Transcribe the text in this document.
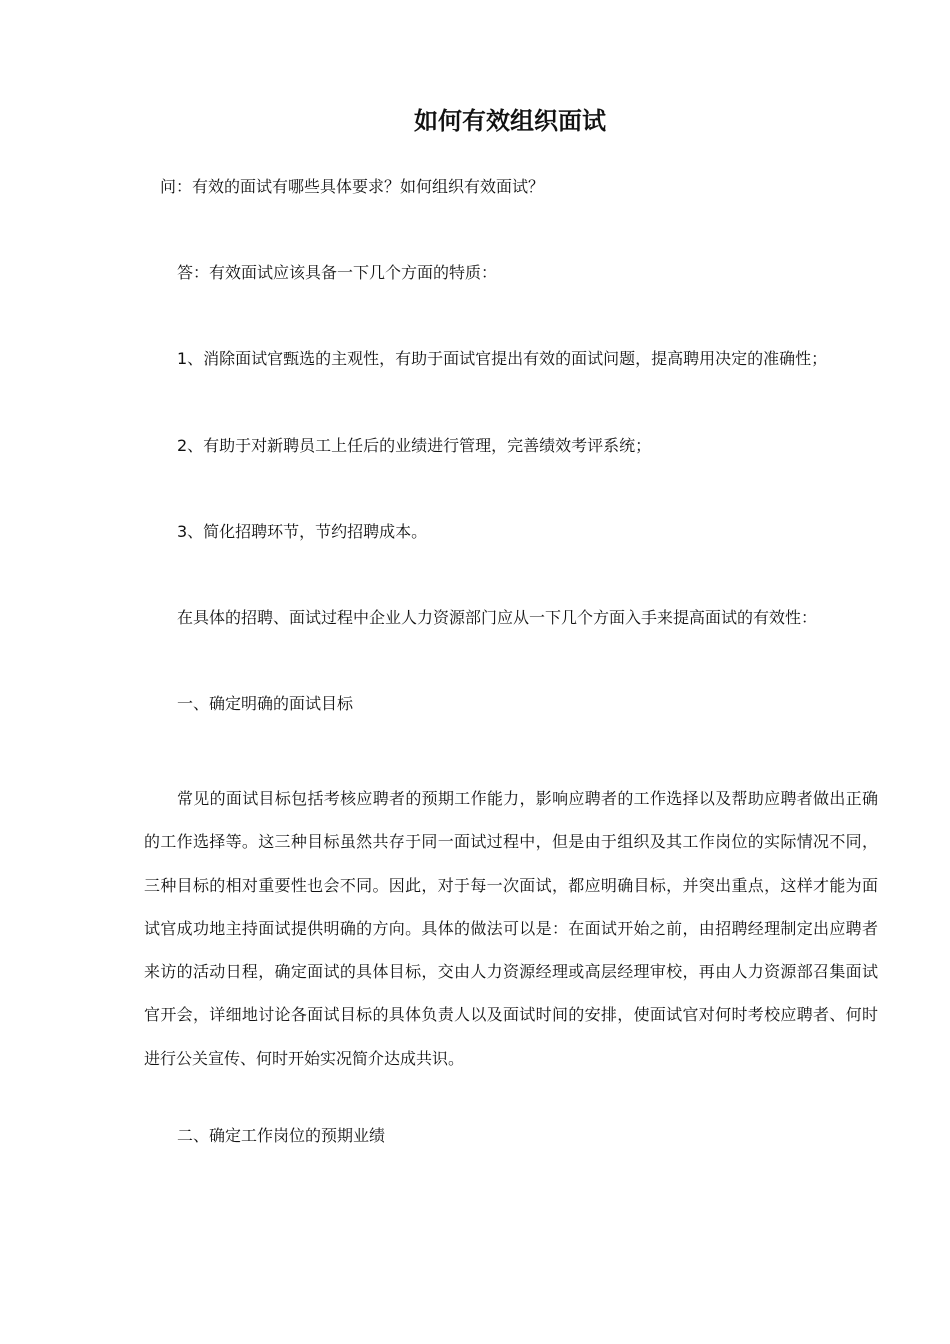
如何有效组织面试
问：有效的面试有哪些具体要求？如何组织有效面试？
答：有效面试应该具备一下几个方面的特质：
1、消除面试官甄选的主观性，有助于面试官提出有效的面试问题，提高聘用决定的准确性；
2、有助于对新聘员工上任后的业绩进行管理，完善绩效考评系统；
3、简化招聘环节，节约招聘成本。
在具体的招聘、面试过程中企业人力资源部门应从一下几个方面入手来提高面试的有效性：
一、确定明确的面试目标
常见的面试目标包括考核应聘者的预期工作能力，影响应聘者的工作选择以及帮助应聘者做出正确的工作选择等。这三种目标虽然共存于同一面试过程中，但是由于组织及其工作岗位的实际情况不同，三种目标的相对重要性也会不同。因此，对于每一次面试，都应明确目标，并突出重点，这样才能为面试官成功地主持面试提供明确的方向。具体的做法可以是：在面试开始之前，由招聘经理制定出应聘者来访的活动日程，确定面试的具体目标，交由人力资源经理或高层经理审校，再由人力资源部召集面试官开会，详细地讨论各面试目标的具体负责人以及面试时间的安排，使面试官对何时考校应聘者、何时进行公关宣传、何时开始实况简介达成共识。
二、确定工作岗位的预期业绩
